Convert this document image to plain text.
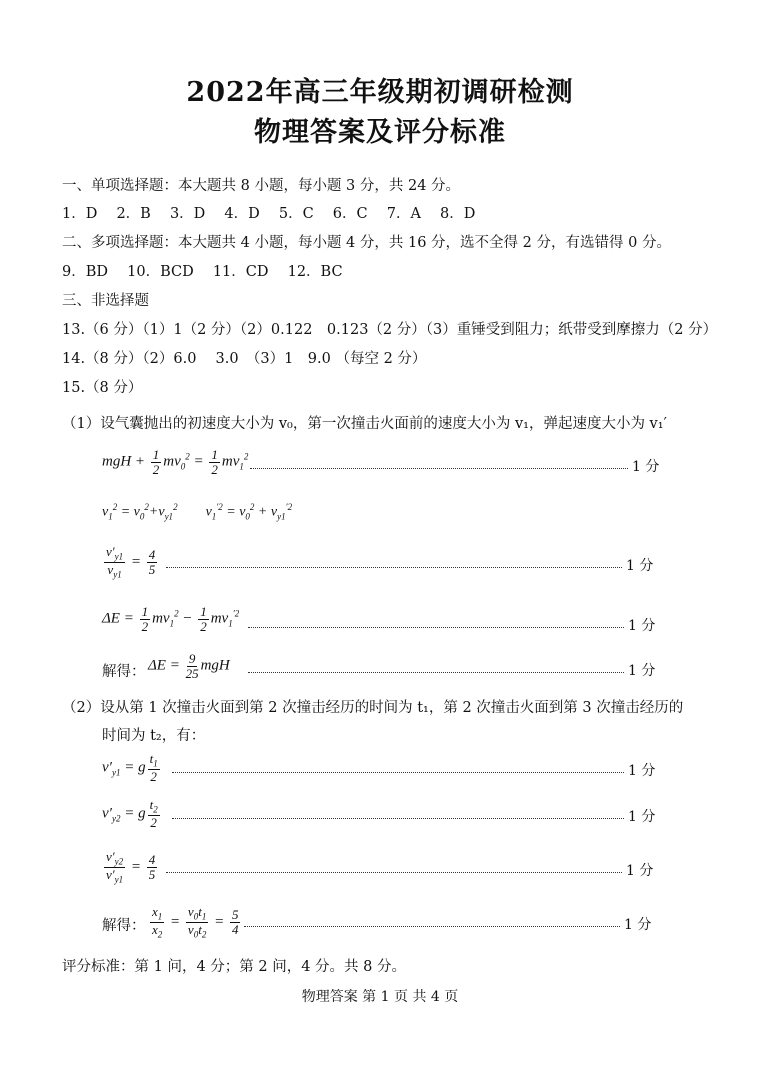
2022年高三年级期初调研检测
物理答案及评分标准
一、单项选择题：本大题共 8 小题，每小题 3 分，共 24 分。
1．D　 2．B　 3．D　 4．D　 5．C　 6．C　 7．A　 8．D
二、多项选择题：本大题共 4 小题，每小题 4 分，共 16 分，选不全得 2 分，有选错得 0 分。
9．BD　 10．BCD　 11．CD　 12．BC
三、非选择题
13.（6 分）（1）1（2 分）（2）0.122　0.123（2 分）（3）重锤受到阻力；纸带受到摩擦力（2 分）
14.（8 分）（2）6.0　 3.0　（3）1　9.0 （每空 2 分）
15.（8 分）
（1）设气囊抛出的初速度大小为 v₀，第一次撞击火面前的速度大小为 v₁，弹起速度大小为 v₁′
mgH + $\frac{1}{2} mv_0^2 = \frac{1}{2} mv_1^2$
1 分
$v_1^2 = v_0^2+v_{y1}^2$        $v_1^{'2} = v_0^2 + v_{y1}^{'2}$
$\frac{v'_{y1}}{v_{y1}} = \frac{4}{5}$	1 分
$\Delta E = \frac{1}{2} mv_1^2 - \frac{1}{2} mv_1^{'2}$
1 分
解得： $\Delta E = \frac{9}{25}$ mgH	1 分
（2）设从第 1 次撞击火面到第 2 次撞击经历的时间为 t₁，第 2 次撞击火面到第 3 次撞击经历的
时间为 t₂，有：
$v'_{y1} = g \frac{t_1}{2}$	1 分
$v'_{y2} = g \frac{t_2}{2}$	1 分
$\frac{v'_{y2}}{v'_{y1}} = \frac{4}{5}$	1 分
解得： $\frac{x_1}{x_2} = \frac{v_0t_1}{v_0t_2} = \frac{5}{4}$	1 分
评分标准：第 1 问，4 分；第 2 问，4 分。共 8 分。
物理答案 第 1 页 共 4 页
